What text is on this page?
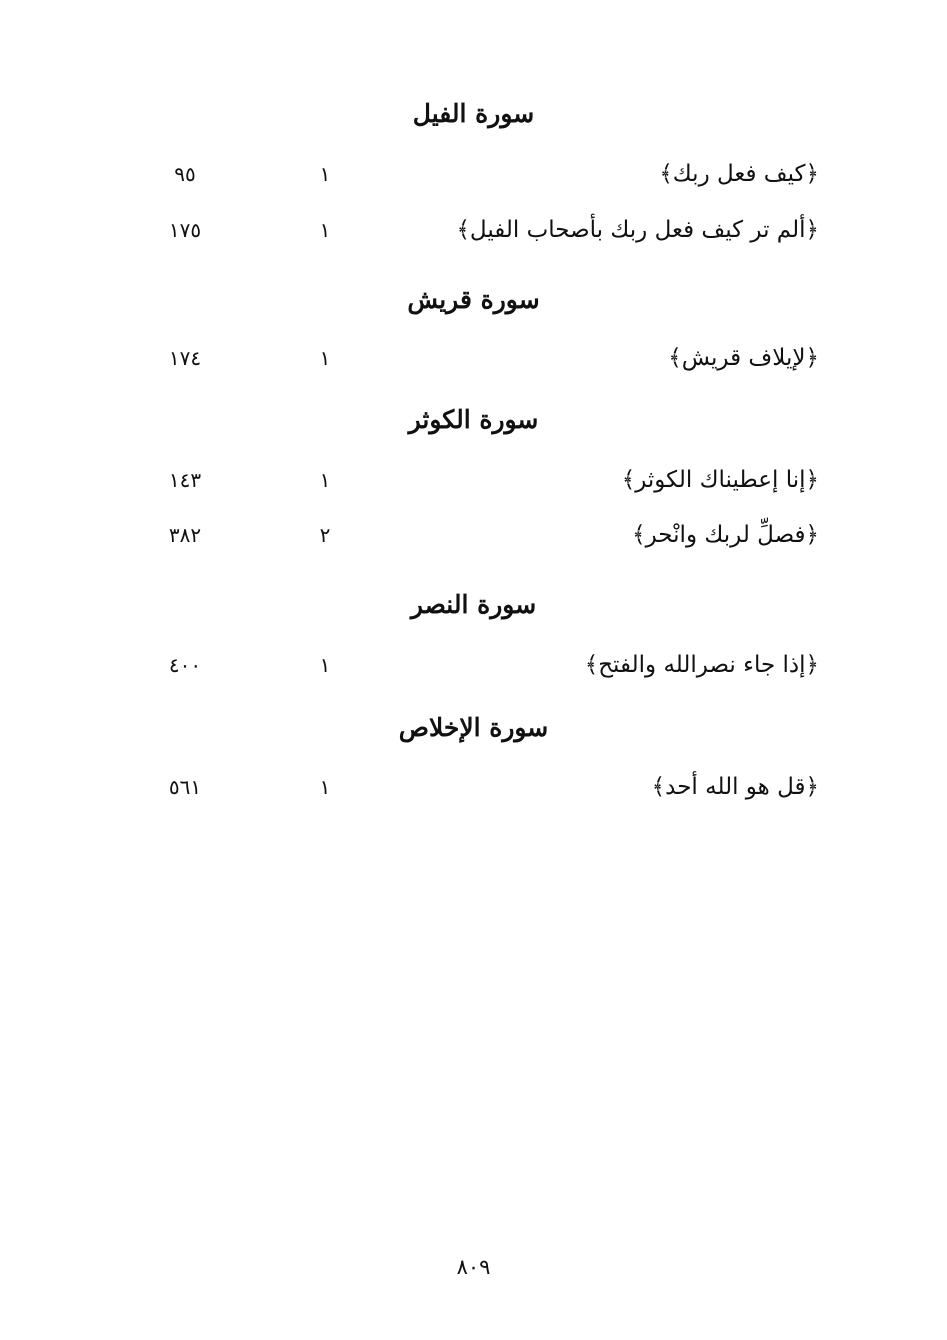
سورة الفيل
﴿كيف فعل ربك﴾
١
٩٥
﴿ألم تر كيف فعل ربك بأصحاب الفيل﴾
١
١٧٥
سورة قريش
﴿لإيلاف قريش﴾
١
١٧٤
سورة الكوثر
﴿إنا إعطيناك الكوثر﴾
١
١٤٣
﴿فصلِّ لربك وانْحر﴾
٢
٣٨٢
سورة النصر
﴿إذا جاء نصرالله والفتح﴾
١
٤٠٠
سورة الإخلاص
﴿قل هو الله أحد﴾
١
٥٦١
٨٠٩
